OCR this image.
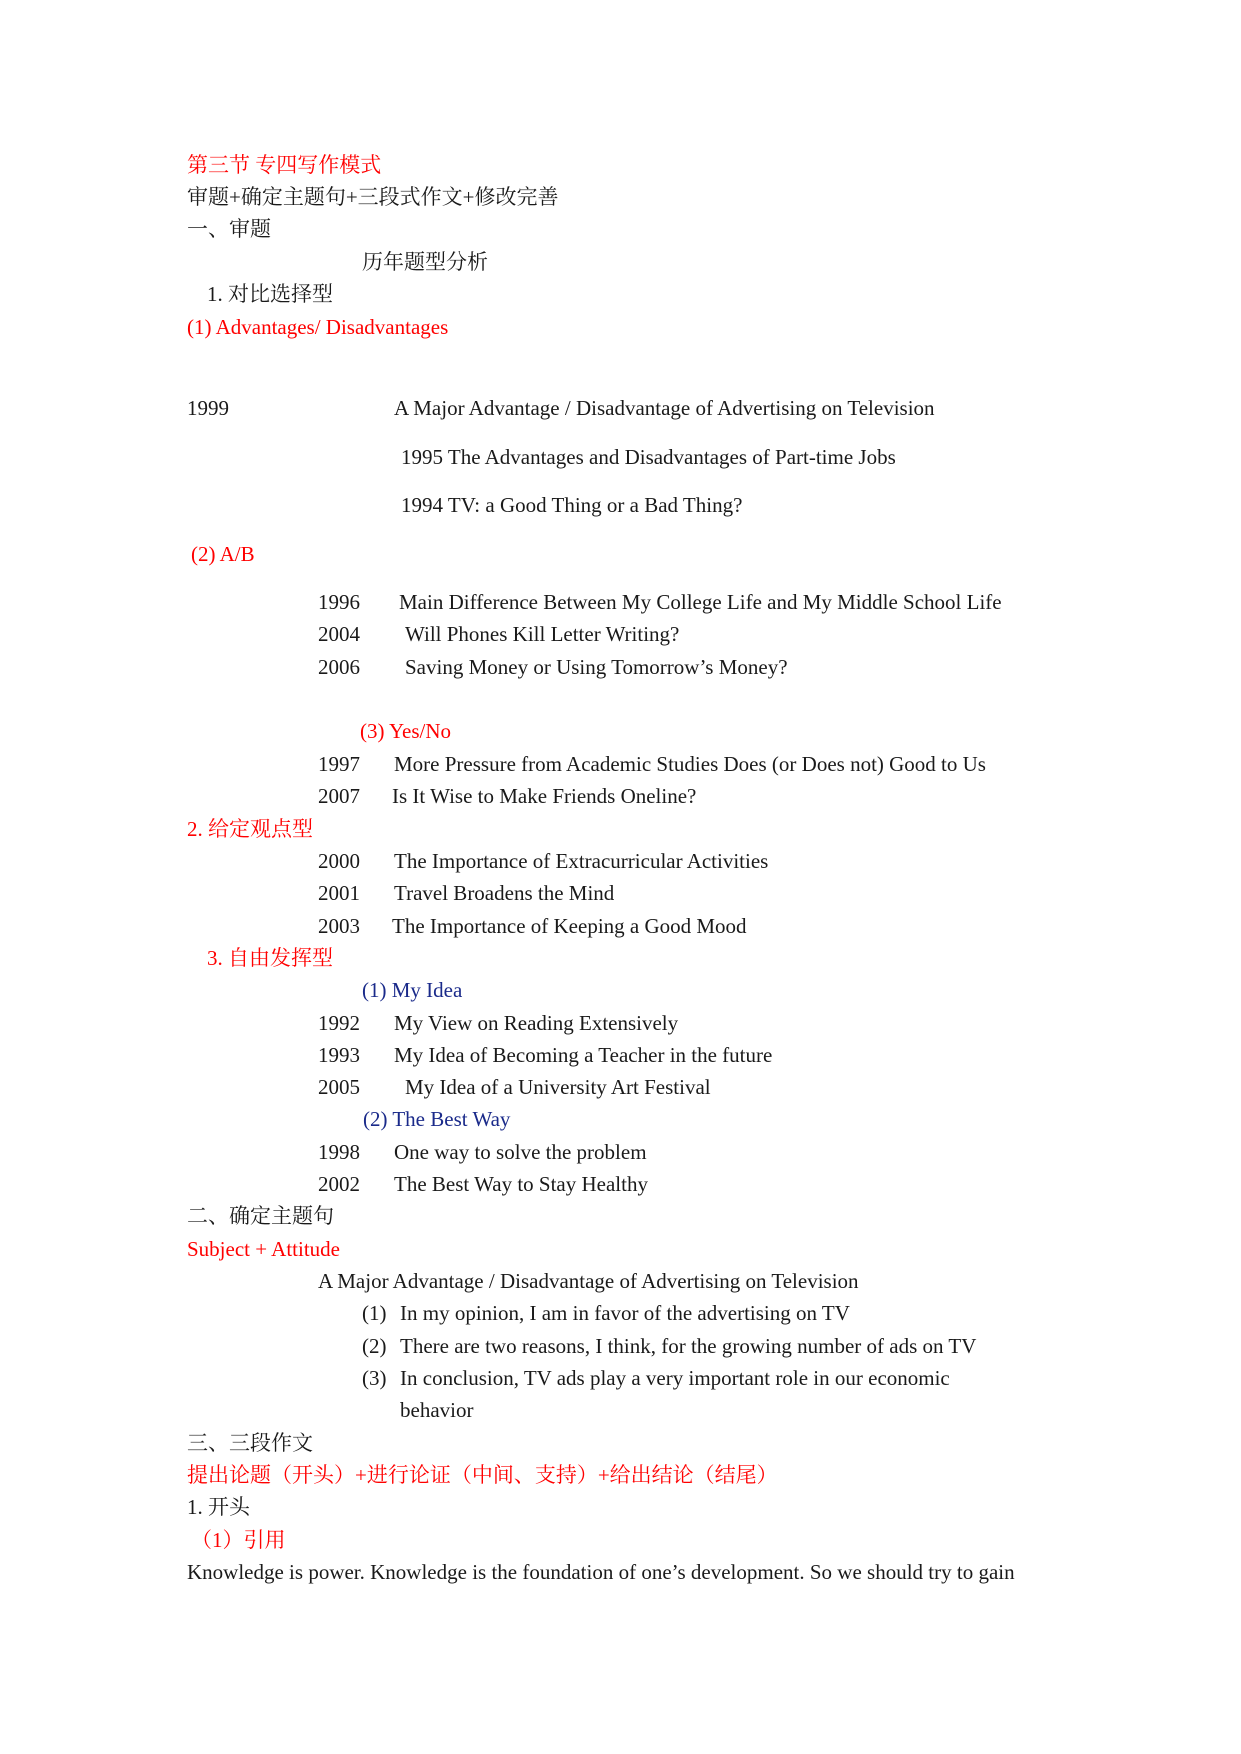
第三节 专四写作模式
审题+确定主题句+三段式作文+修改完善
一、审题
历年题型分析
1. 对比选择型
(1) Advantages/ Disadvantages
1999	A Major Advantage / Disadvantage of Advertising on Television
1995 The Advantages and Disadvantages of Part-time Jobs
1994 TV: a Good Thing or a Bad Thing?
(2) A/B
1996 Main Difference Between My College Life and My Middle School Life
2004 Will Phones Kill Letter Writing?
2006 Saving Money or Using Tomorrow’s Money?
(3) Yes/No
1997 More Pressure from Academic Studies Does (or Does not) Good to Us
2007 Is It Wise to Make Friends Oneline?
2. 给定观点型
2000 The Importance of Extracurricular Activities
2001 Travel Broadens the Mind
2003 The Importance of Keeping a Good Mood
3. 自由发挥型
(1) My Idea
1992 My View on Reading Extensively
1993 My Idea of Becoming a Teacher in the future
2005 My Idea of a University Art Festival
(2) The Best Way
1998 One way to solve the problem
2002 The Best Way to Stay Healthy
二、确定主题句
Subject + Attitude
A Major Advantage / Disadvantage of Advertising on Television
(1) In my opinion, I am in favor of the advertising on TV
(2) There are two reasons, I think, for the growing number of ads on TV
(3) In conclusion, TV ads play a very important role in our economic
behavior
三、三段作文
提出论题（开头）+进行论证（中间、支持）+给出结论（结尾）
1. 开头
（1）引用
Knowledge is power. Knowledge is the foundation of one’s development. So we should try to gain
